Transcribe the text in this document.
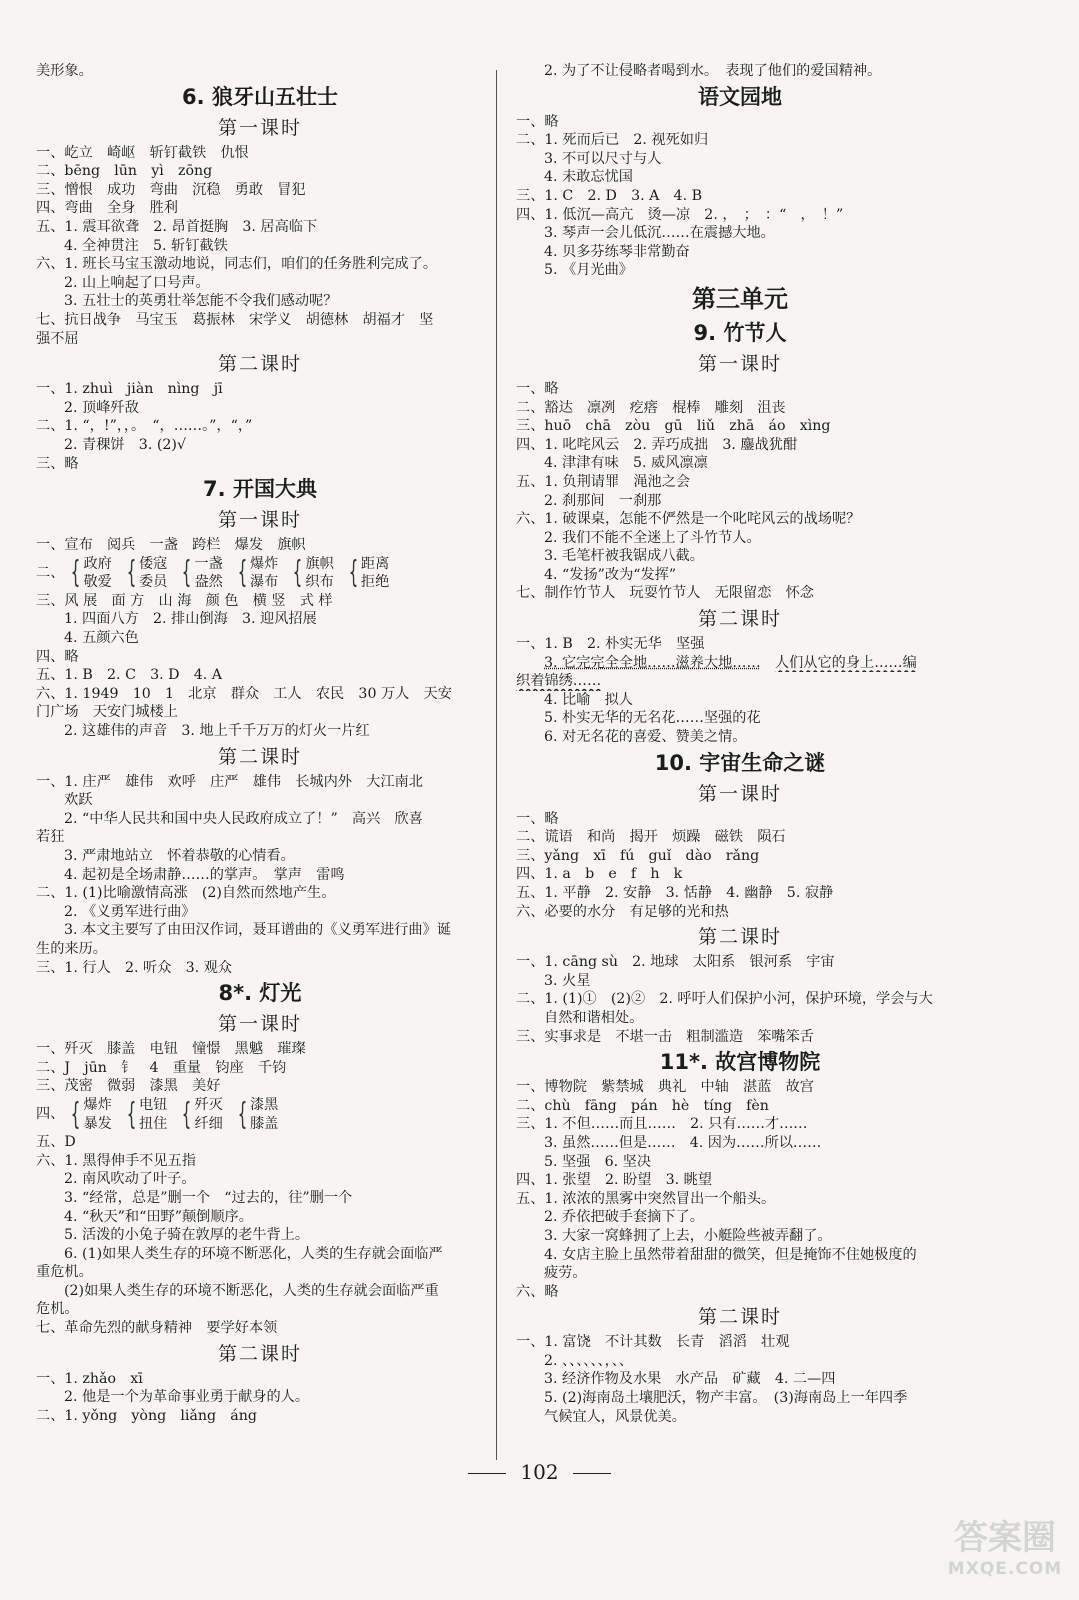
美形象。
6. 狼牙山五壮士
第一课时
一、屹立　崎岖　斩钉截铁　仇恨
二、bēng　lūn　yì　zōng
三、憎恨　成功　弯曲　沉稳　勇敢　冒犯
四、弯曲　全身　胜利
五、1. 震耳欲聋　2. 昂首挺胸　3. 居高临下
4. 全神贯注　5. 斩钉截铁
六、1. 班长马宝玉激动地说，同志们，咱们的任务胜利完成了。
2. 山上响起了口号声。
3. 五壮士的英勇壮举怎能不令我们感动呢？
七、抗日战争　马宝玉　葛振林　宋学义　胡德林　胡福才　坚
强不屈
第二课时
一、1. zhuì　jiàn　nìng　jī
2. 顶峰歼敌
二、1. “，!”，，。　“，……。”，“，”
2. 青稞饼　3. (2)√
三、略
7. 开国大典
第一课时
一、宣布　阅兵　一盏　跨栏　爆发　旗帜
二、 { 政府
敬爱 { 倭寇
委员 { 一盏
盎然 { 爆炸
瀑布 { 旗帜
织布 { 距离
拒绝
三、风 展　面 方　山 海　颜 色　横 竖　式 样
1. 四面八方　2. 排山倒海　3. 迎风招展
4. 五颜六色
四、略
五、1. B　2. C　3. D　4. A
六、1. 1949　10　1　北京　群众　工人　农民　30 万人　天安
门广场　天安门城楼上
2. 这雄伟的声音　3. 地上千千万万的灯火一片红
第二课时
一、1. 庄严　雄伟　欢呼　庄严　雄伟　长城内外　大江南北
欢跃
2. “中华人民共和国中央人民政府成立了！”　高兴　欣喜
若狂
3. 严肃地站立　怀着恭敬的心情看。
4. 起初是全场肃静……的掌声。　掌声　雷鸣
二、1. (1)比喻激情高涨　(2)自然而然地产生。
2. 《义勇军进行曲》
3. 本文主要写了由田汉作词，聂耳谱曲的《义勇军进行曲》诞
生的来历。
三、1. 行人　2. 听众　3. 观众
8*. 灯光
第一课时
一、歼灭　膝盖　电钮　憧憬　黑魆　璀璨
二、J　jūn　钅　4　重量　钧座　千钧
三、茂密　微弱　漆黑　美好
四、 { 爆炸
暴发 { 电钮
扭住 { 歼灭
纤细 { 漆黑
膝盖
五、D
六、1. 黑得伸手不见五指
2. 南风吹动了叶子。
3. “经常，总是”删一个　“过去的，往”删一个
4. “秋天”和“田野”颠倒顺序。
5. 活泼的小兔子骑在敦厚的老牛背上。
6. (1)如果人类生存的环境不断恶化，人类的生存就会面临严
重危机。
(2)如果人类生存的环境不断恶化，人类的生存就会面临严重
危机。
七、革命先烈的献身精神　要学好本领
第二课时
一、1. zhǎo　xī
2. 他是一个为革命事业勇于献身的人。
二、1. yǒng　yòng　liǎng　áng
2. 为了不让侵略者喝到水。　表现了他们的爱国精神。
语文园地
一、略
二、1. 死而后已　2. 视死如归
3. 不可以尺寸与人
4. 未敢忘忧国
三、1. C　2. D　3. A　4. B
四、1. 低沉—高亢　烫—凉　2. ，　；　：“　，　！”
3. 琴声一会儿低沉……在震撼大地。
4. 贝多芬练琴非常勤奋
5. 《月光曲》
第三单元
9. 竹节人
第一课时
一、略
二、豁达　凛冽　疙瘩　棍棒　雕刻　沮丧
三、huō　chā　zòu　gū　liǔ　zhā　áo　xìng
四、1. 叱咤风云　2. 弄巧成拙　3. 鏖战犹酣
4. 津津有味　5. 威风凛凛
五、1. 负荆请罪　渑池之会
2. 刹那间　一刹那
六、1. 破课桌，怎能不俨然是一个叱咤风云的战场呢？
2. 我们不能不全迷上了斗竹节人。
3. 毛笔杆被我锯成八截。
4. “发扬”改为“发挥”
七、制作竹节人　玩耍竹节人　无限留恋　怀念
第二课时
一、1. B　2. 朴实无华　坚强
3. 它完完全全地……滋养大地……　 人们从它的身上……编
织着锦绣……
4. 比喻　拟人
5. 朴实无华的无名花……坚强的花
6. 对无名花的喜爱、赞美之情。
10. 宇宙生命之谜
第一课时
一、略
二、谎语　和尚　揭开　烦躁　磁铁　陨石
三、yǎng　xī　fú　guǐ　dào　rǎng
四、1. a　b　e　f　h　k
五、1. 平静　2. 安静　3. 恬静　4. 幽静　5. 寂静
六、必要的水分　有足够的光和热
第二课时
一、1. cāng sù　2. 地球　太阳系　银河系　宇宙
3. 火星
二、1. (1)①　(2)②　2. 呼吁人们保护小河，保护环境，学会与大
自然和谐相处。
三、实事求是　不堪一击　粗制滥造　笨嘴笨舌
11*. 故宫博物院
一、博物院　紫禁城　典礼　中轴　湛蓝　故宫
二、chù　fāng　pán　hè　tíng　fèn
三、1. 不但……而且……　2. 只有……才……
3. 虽然……但是……　4. 因为……所以……
5. 坚强　6. 坚决
四、1. 张望　2. 盼望　3. 眺望
五、1. 浓浓的黑雾中突然冒出一个船头。
2. 乔依把破手套摘下了。
3. 大家一窝蜂拥了上去，小艇险些被弄翻了。
4. 女店主脸上虽然带着甜甜的微笑，但是掩饰不住她极度的
疲劳。
六、略
第二课时
一、1. 富饶　不计其数　长青　滔滔　壮观
2. 、、、、、、，、、
3. 经济作物及水果　水产品　矿藏　4. 二—四
5. (2)海南岛土壤肥沃，物产丰富。　(3)海南岛上一年四季
气候宜人，风景优美。
102
答案圈
MXQE.COM
